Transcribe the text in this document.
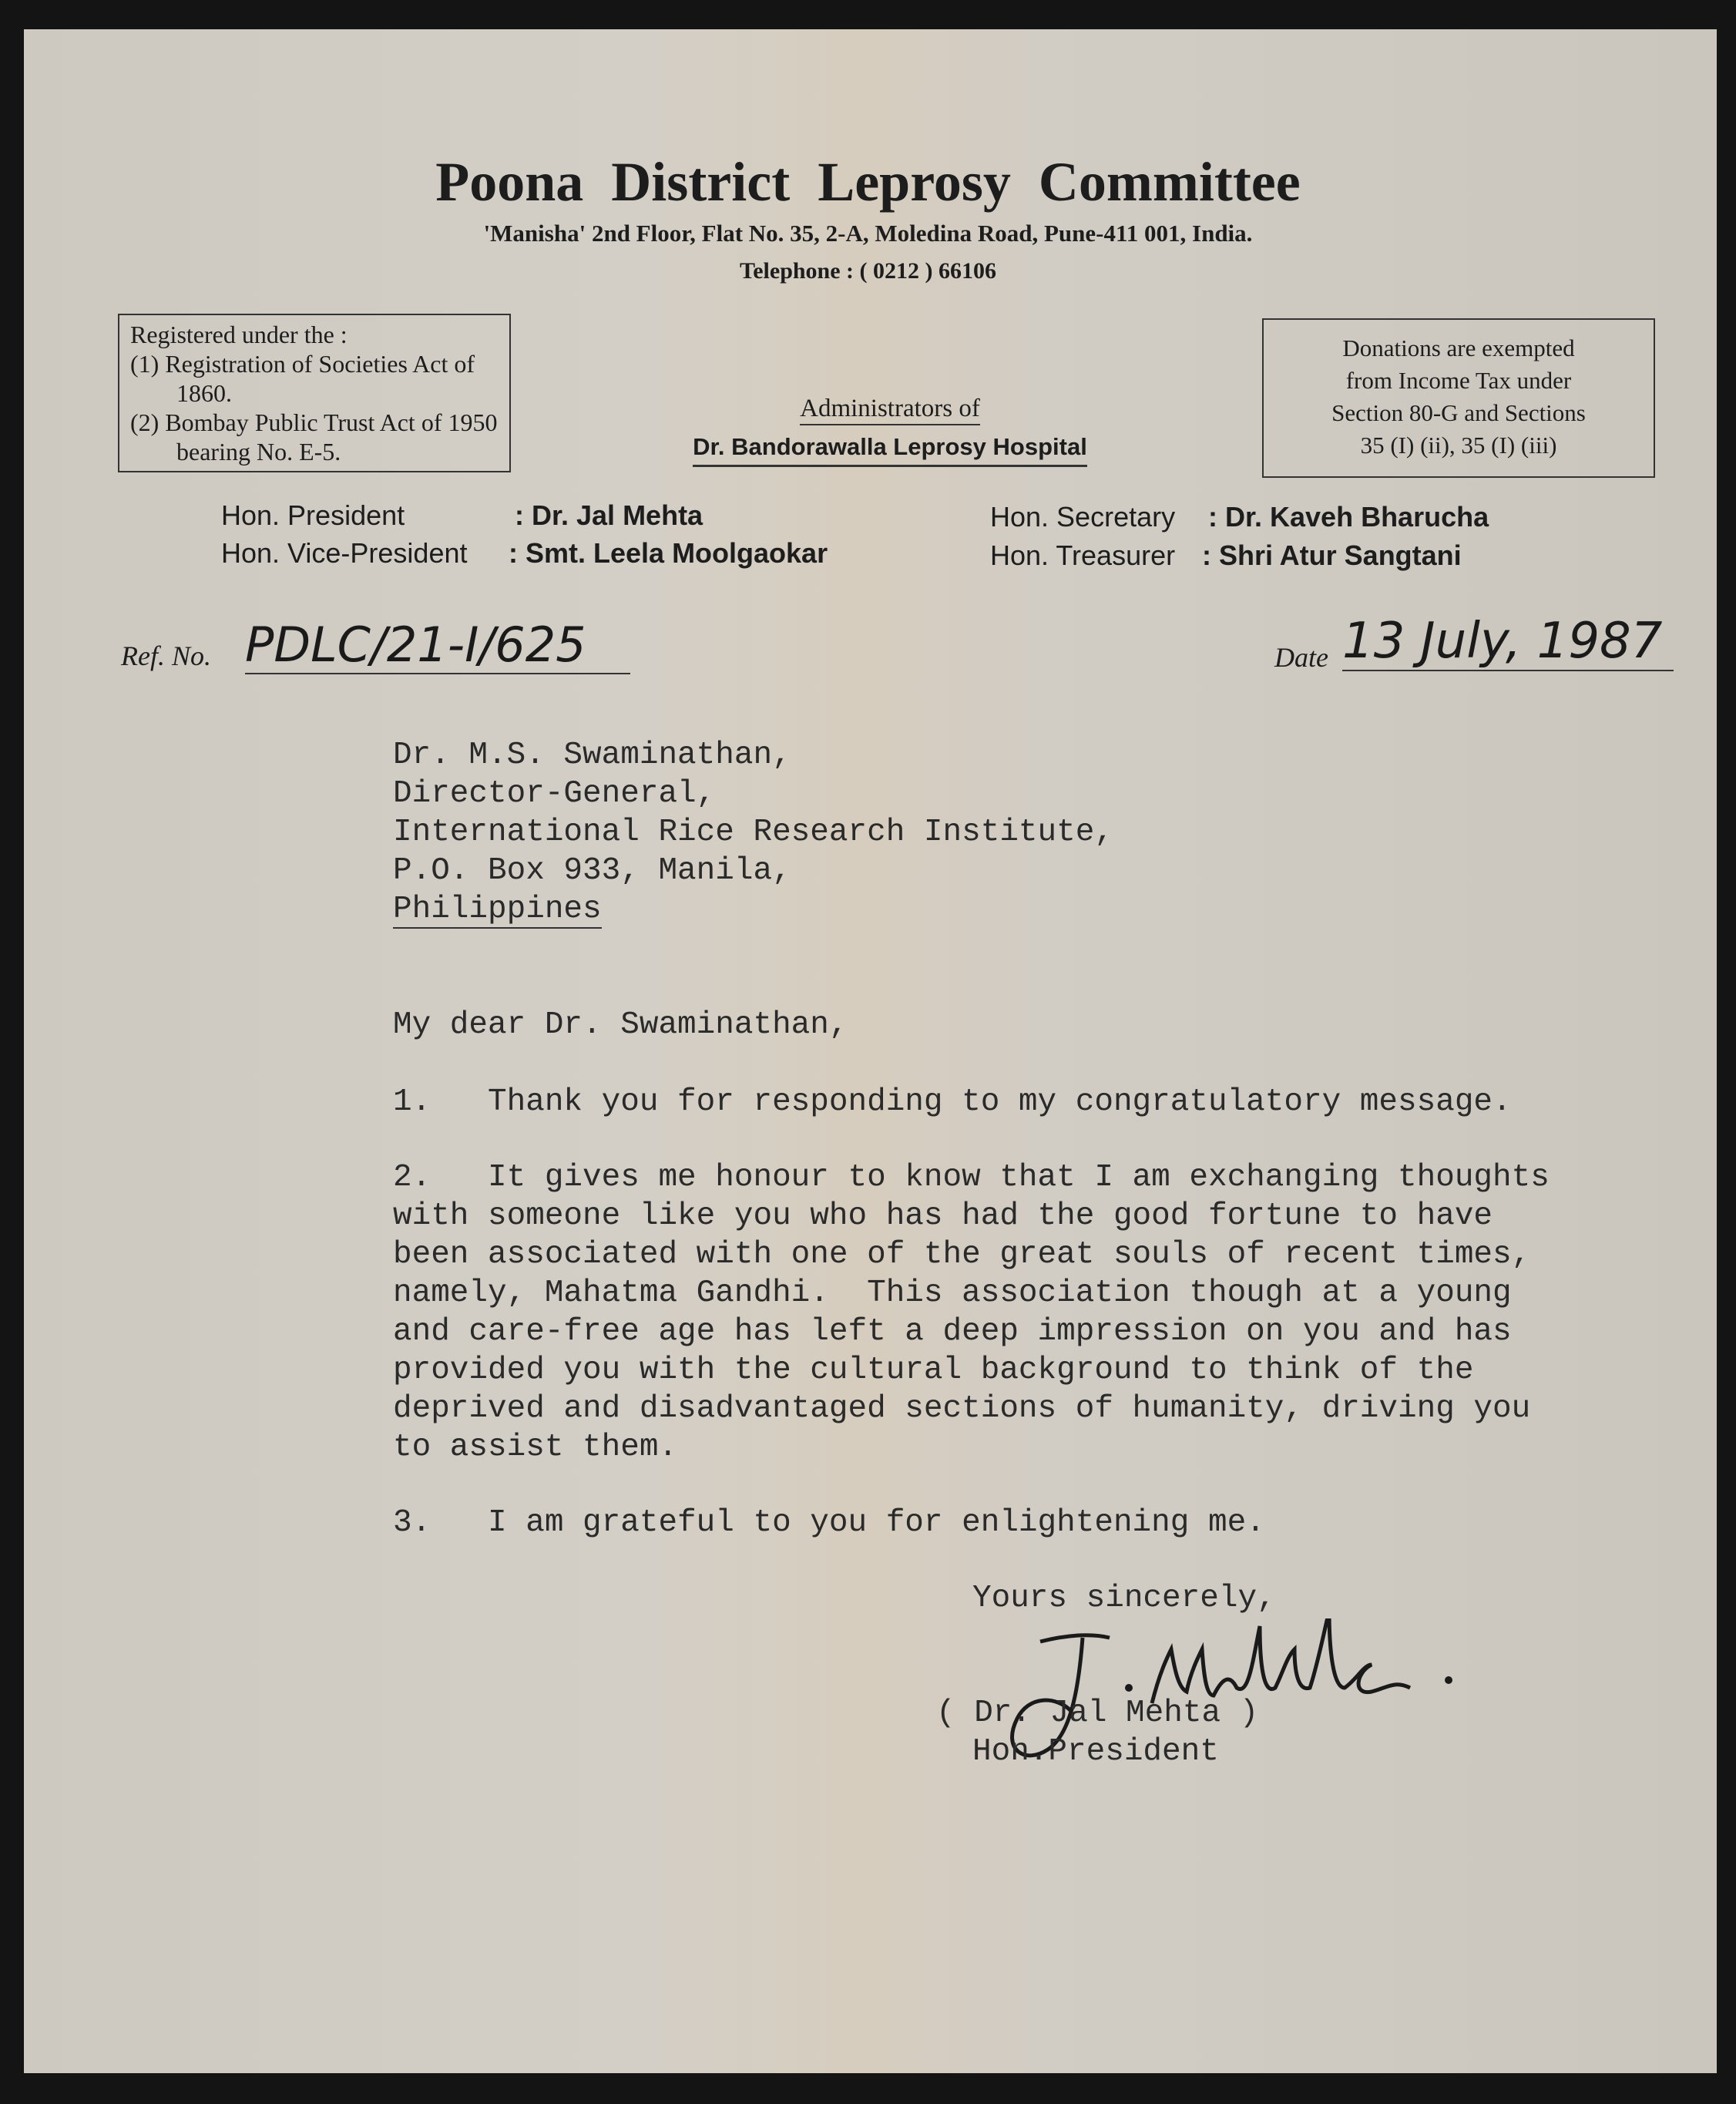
Poona District Leprosy Committee
'Manisha' 2nd Floor, Flat No. 35, 2-A, Moledina Road, Pune-411 001, India.
Telephone : ( 0212 ) 66106
Registered under the :
(1) Registration of Societies Act of 1860.
(2) Bombay Public Trust Act of 1950 bearing No. E-5.
Administrators of
Dr. Bandorawalla Leprosy Hospital
Donations are exempted
from Income Tax under
Section 80-G and Sections
35 (I) (ii), 35 (I) (iii)
Hon. President	: Dr. Jal Mehta
Hon. Vice-President : Smt. Leela Moolgaokar
Hon. Secretary : Dr. Kaveh Bharucha
Hon. Treasurer : Shri Atur Sangtani
Ref. No. PDLC/21-I/625	Date 13 July, 1987
Dr. M.S. Swaminathan,
Director-General,
International Rice Research Institute,
P.O. Box 933, Manila,
Philippines
My dear Dr. Swaminathan,
1.   Thank you for responding to my congratulatory message.
2.   It gives me honour to know that I am exchanging thoughts
with someone like you who has had the good fortune to have
been associated with one of the great souls of recent times,
namely, Mahatma Gandhi.  This association though at a young
and care-free age has left a deep impression on you and has
provided you with the cultural background to think of the
deprived and disadvantaged sections of humanity, driving you
to assist them.
3.   I am grateful to you for enlightening me.
Yours sincerely,
( Dr. Jal Mehta )
Hon.President
